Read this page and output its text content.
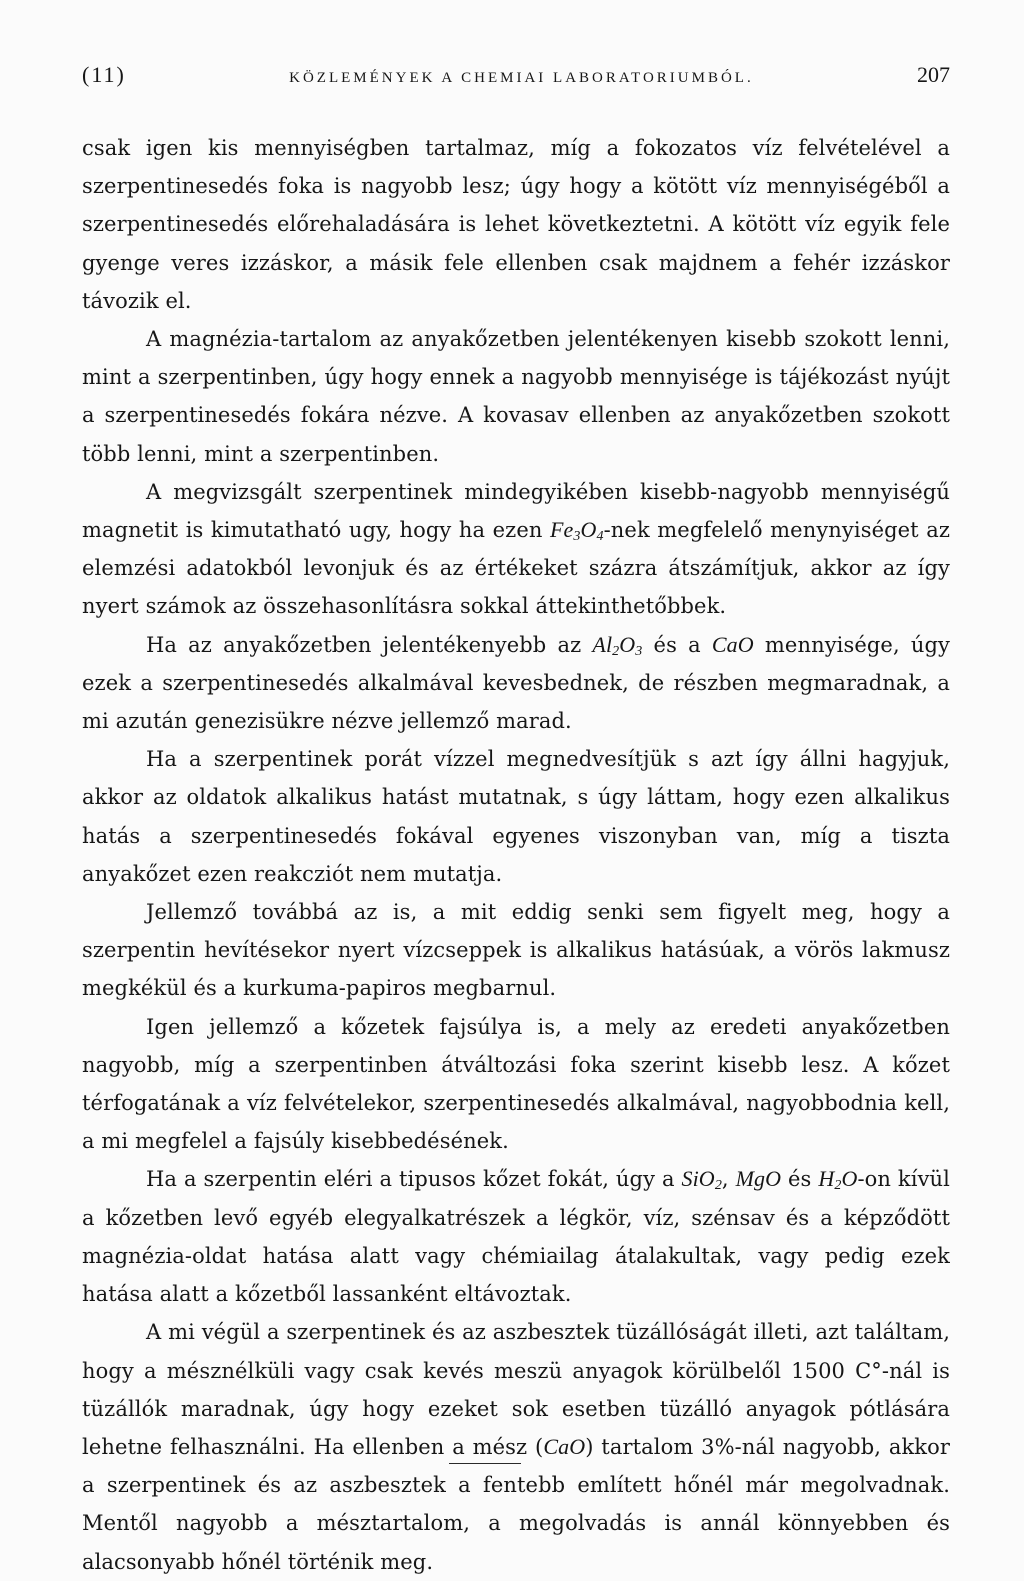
(11)	KÖZLEMÉNYEK A CHEMIAI LABORATORIUMBÓL.	207

csak igen kis mennyiségben tartalmaz, míg a fokozatos víz felvételével a szerpentinesedés foka is nagyobb lesz; úgy hogy a kötött víz mennyiségéből a szerpentinesedés előrehaladására is lehet következtetni. A kötött víz egyik fele gyenge veres izzáskor, a másik fele ellenben csak majdnem a fehér izzáskor távozik el.

A magnézia-tartalom az anyakőzetben jelentékenyen kisebb szokott lenni, mint a szerpentinben, úgy hogy ennek a nagyobb mennyisége is tájékozást nyújt a szerpentinesedés fokára nézve. A kovasav ellenben az anyakőzetben szokott több lenni, mint a szerpentinben.

A megvizsgált szerpentinek mindegyikében kisebb-nagyobb mennyiségű magnetit is kimutatható ugy, hogy ha ezen $Fe_3O_4$-nek megfelelő menynyiséget az elemzési adatokból levonjuk és az értékeket százra átszámítjuk, akkor az így nyert számok az összehasonlításra sokkal áttekinthetőbbek.

Ha az anyakőzetben jelentékenyebb az $Al_2O_3$ és a CaO mennyisége, úgy ezek a szerpentinesedés alkalmával kevesbednek, de részben megmaradnak, a mi azután genezisükre nézve jellemző marad.

Ha a szerpentinek porát vízzel megnedvesítjük s azt így állni hagyjuk, akkor az oldatok alkalikus hatást mutatnak, s úgy láttam, hogy ezen alkalikus hatás a szerpentinesedés fokával egyenes viszonyban van, míg a tiszta anyakőzet ezen reakcziót nem mutatja.

Jellemző továbbá az is, a mit eddig senki sem figyelt meg, hogy a szerpentin hevítésekor nyert vízcseppek is alkalikus hatásúak, a vörös lakmusz megkékül és a kurkuma-papiros megbarnul.

Igen jellemző a kőzetek fajsúlya is, a mely az eredeti anyakőzetben nagyobb, míg a szerpentinben átváltozási foka szerint kisebb lesz. A kőzet térfogatának a víz felvételekor, szerpentinesedés alkalmával, nagyobbodnia kell, a mi megfelel a fajsúly kisebbedésének.

Ha a szerpentin eléri a tipusos kőzet fokát, úgy a SiO$_2$, MgO és $H_2O-on$ kívül a kőzetben levő egyéb elegyalkatrészek a légkör, víz, szénsav és a képződött magnézia-oldat hatása alatt vagy chémiailag átalakultak, vagy pedig ezek hatása alatt a kőzetből lassanként eltávoztak.

A mi végül a szerpentinek és az aszbesztek tüzállóságát illeti, azt találtam, hogy a mésznélküli vagy csak kevés meszü anyagok körülbelől 1500 C°-nál is tüzállók maradnak, úgy hogy ezeket sok esetben tüzálló anyagok pótlására lehetne felhasználni. Ha ellenben a mész (CaO) tartalom 3%-nál nagyobb, akkor a szerpentinek és az aszbesztek a fentebb említett hőnél már megolvadnak. Mentől nagyobb a mésztartalom, a megolvadás is annál könnyebben és alacsonyabb hőnél történik meg.
